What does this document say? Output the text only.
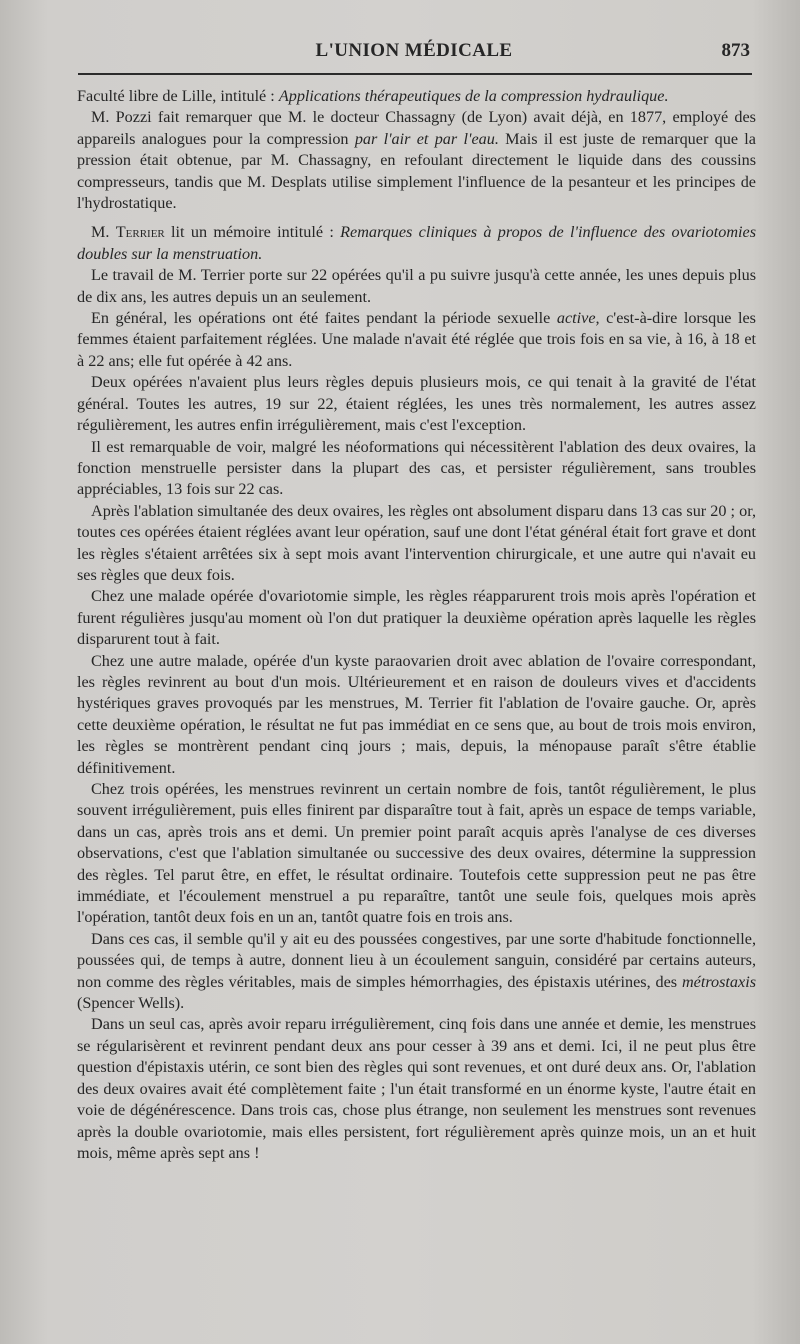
L'UNION MÉDICALE	873

Faculté libre de Lille, intitulé : Applications thérapeutiques de la compression hydraulique.

M. Pozzi fait remarquer que M. le docteur Chassagny (de Lyon) avait déjà, en 1877, employé des appareils analogues pour la compression par l'air et par l'eau. Mais il est juste de remarquer que la pression était obtenue, par M. Chassagny, en refoulant directement le liquide dans des coussins compresseurs, tandis que M. Desplats utilise simplement l'influence de la pesanteur et les principes de l'hydrostatique.

M. Terrier lit un mémoire intitulé : Remarques cliniques à propos de l'influence des ovariotomies doubles sur la menstruation.

Le travail de M. Terrier porte sur 22 opérées qu'il a pu suivre jusqu'à cette année, les unes depuis plus de dix ans, les autres depuis un an seulement.

En général, les opérations ont été faites pendant la période sexuelle active, c'est-à-dire lorsque les femmes étaient parfaitement réglées. Une malade n'avait été réglée que trois fois en sa vie, à 16, à 18 et à 22 ans; elle fut opérée à 42 ans.

Deux opérées n'avaient plus leurs règles depuis plusieurs mois, ce qui tenait à la gravité de l'état général. Toutes les autres, 19 sur 22, étaient réglées, les unes très normalement, les autres assez régulièrement, les autres enfin irrégulièrement, mais c'est l'exception.

Il est remarquable de voir, malgré les néoformations qui nécessitèrent l'ablation des deux ovaires, la fonction menstruelle persister dans la plupart des cas, et persister régulièrement, sans troubles appréciables, 13 fois sur 22 cas.

Après l'ablation simultanée des deux ovaires, les règles ont absolument disparu dans 13 cas sur 20 ; or, toutes ces opérées étaient réglées avant leur opération, sauf une dont l'état général était fort grave et dont les règles s'étaient arrêtées six à sept mois avant l'intervention chirurgicale, et une autre qui n'avait eu ses règles que deux fois.

Chez une malade opérée d'ovariotomie simple, les règles réapparurent trois mois après l'opération et furent régulières jusqu'au moment où l'on dut pratiquer la deuxième opération après laquelle les règles disparurent tout à fait.

Chez une autre malade, opérée d'un kyste paraovarien droit avec ablation de l'ovaire correspondant, les règles revinrent au bout d'un mois. Ultérieurement et en raison de douleurs vives et d'accidents hystériques graves provoqués par les menstrues, M. Terrier fit l'ablation de l'ovaire gauche. Or, après cette deuxième opération, le résultat ne fut pas immédiat en ce sens que, au bout de trois mois environ, les règles se montrèrent pendant cinq jours ; mais, depuis, la ménopause paraît s'être établie définitivement.

Chez trois opérées, les menstrues revinrent un certain nombre de fois, tantôt régulièrement, le plus souvent irrégulièrement, puis elles finirent par disparaître tout à fait, après un espace de temps variable, dans un cas, après trois ans et demi. Un premier point paraît acquis après l'analyse de ces diverses observations, c'est que l'ablation simultanée ou successive des deux ovaires, détermine la suppression des règles. Tel parut être, en effet, le résultat ordinaire. Toutefois cette suppression peut ne pas être immédiate, et l'écoulement menstruel a pu reparaître, tantôt une seule fois, quelques mois après l'opération, tantôt deux fois en un an, tantôt quatre fois en trois ans.

Dans ces cas, il semble qu'il y ait eu des poussées congestives, par une sorte d'habitude fonctionnelle, poussées qui, de temps à autre, donnent lieu à un écoulement sanguin, considéré par certains auteurs, non comme des règles véritables, mais de simples hémorrhagies, des épistaxis utérines, des métrostaxis (Spencer Wells).

Dans un seul cas, après avoir reparu irrégulièrement, cinq fois dans une année et demie, les menstrues se régularisèrent et revinrent pendant deux ans pour cesser à 39 ans et demi. Ici, il ne peut plus être question d'épistaxis utérin, ce sont bien des règles qui sont revenues, et ont duré deux ans. Or, l'ablation des deux ovaires avait été complètement faite ; l'un était transformé en un énorme kyste, l'autre était en voie de dégénérescence. Dans trois cas, chose plus étrange, non seulement les menstrues sont revenues après la double ovariotomie, mais elles persistent, fort régulièrement après quinze mois, un an et huit mois, même après sept ans !
